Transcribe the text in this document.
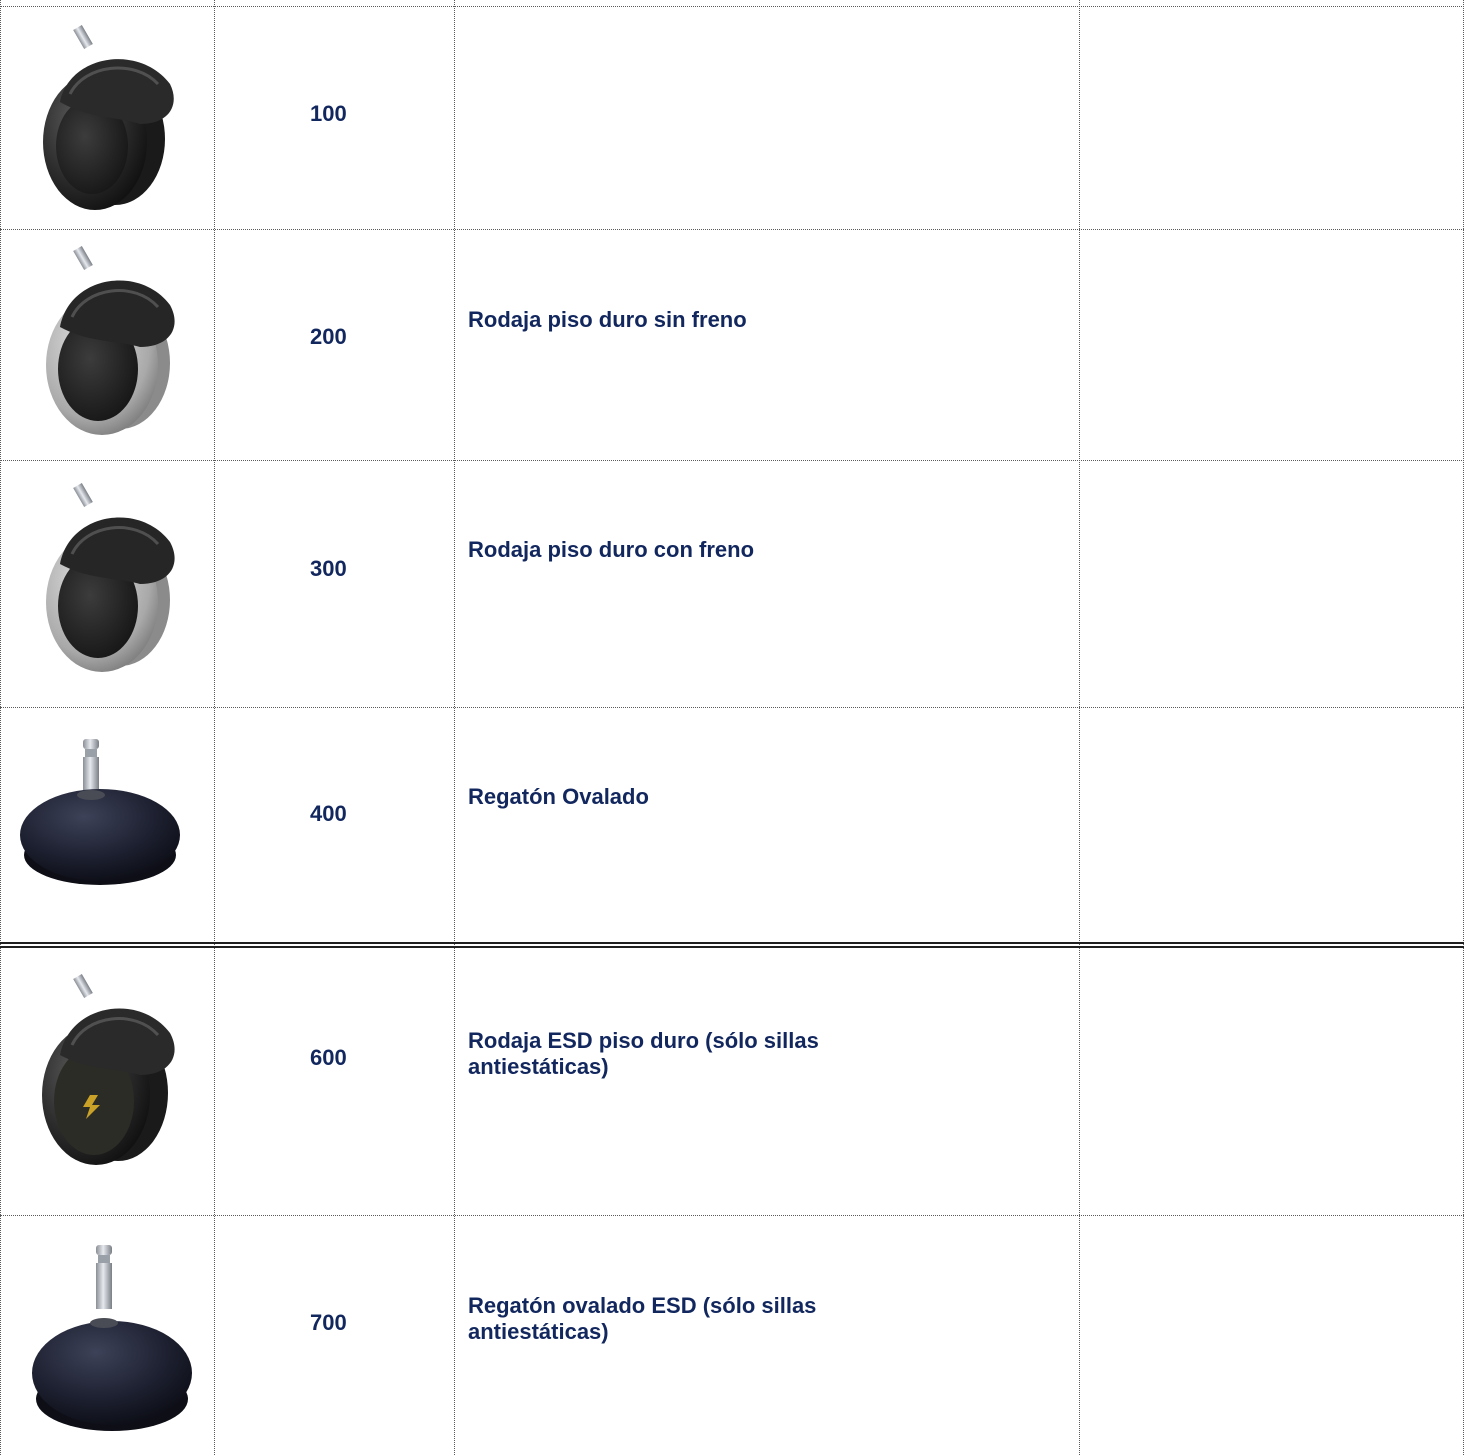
100
200
Rodaja piso duro sin freno
300
Rodaja piso duro con freno
400
Regatón Ovalado
600
Rodaja ESD piso duro (sólo sillas antiestáticas)
700
Regatón ovalado ESD (sólo sillas antiestáticas)
